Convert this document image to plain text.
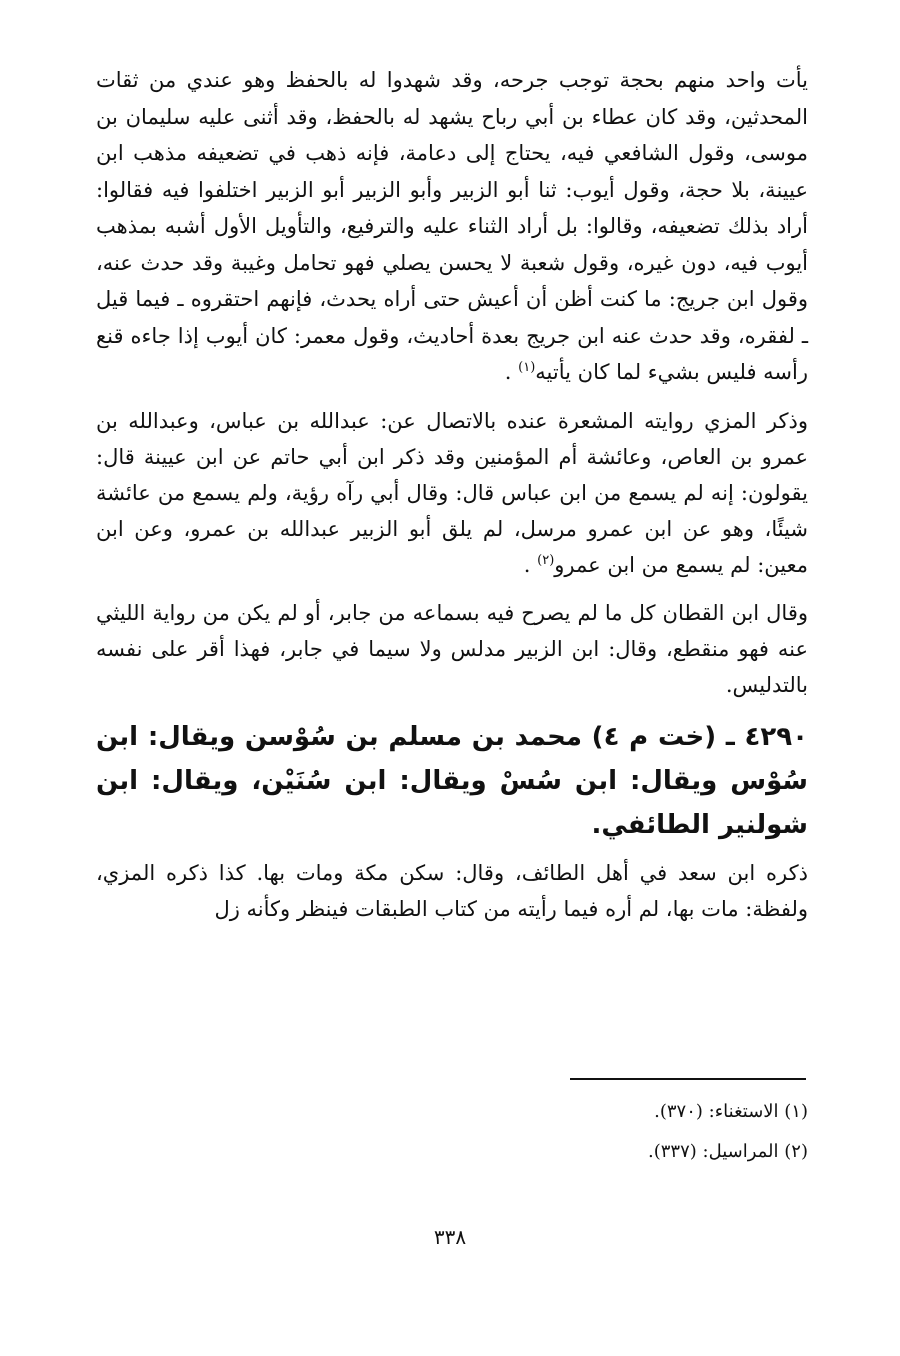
يأت واحد منهم بحجة توجب جرحه، وقد شهدوا له بالحفظ وهو عندي من ثقات المحدثين، وقد كان عطاء بن أبي رباح يشهد له بالحفظ، وقد أثنى عليه سليمان بن موسى، وقول الشافعي فيه، يحتاج إلى دعامة، فإنه ذهب في تضعيفه مذهب ابن عيينة، بلا حجة، وقول أيوب: ثنا أبو الزبير وأبو الزبير أبو الزبير اختلفوا فيه فقالوا: أراد بذلك تضعيفه، وقالوا: بل أراد الثناء عليه والترفيع، والتأويل الأول أشبه بمذهب أيوب فيه، دون غيره، وقول شعبة لا يحسن يصلي فهو تحامل وغيبة وقد حدث عنه، وقول ابن جريج: ما كنت أظن أن أعيش حتى أراه يحدث، فإنهم احتقروه ـ فيما قيل ـ لفقره، وقد حدث عنه ابن جريج بعدة أحاديث، وقول معمر: كان أيوب إذا جاءه قنع رأسه فليس بشيء لما كان يأتيه$^{(١)}$ .

وذكر المزي روايته المشعرة عنده بالاتصال عن: عبدالله بن عباس، وعبدالله بن عمرو بن العاص، وعائشة أم المؤمنين وقد ذكر ابن أبي حاتم عن ابن عيينة قال: يقولون: إنه لم يسمع من ابن عباس قال: وقال أبي رآه رؤية، ولم يسمع من عائشة شيئًا، وهو عن ابن عمرو مرسل، لم يلق أبو الزبير عبدالله بن عمرو، وعن ابن معين: لم يسمع من ابن عمرو$^{(٢)}$ .

وقال ابن القطان كل ما لم يصرح فيه بسماعه من جابر، أو لم يكن من رواية الليثي عنه فهو منقطع، وقال: ابن الزبير مدلس ولا سيما في جابر، فهذا أقر على نفسه بالتدليس.

٤٢٩٠ ـ (خت م ٤) محمد بن مسلم بن سُوْسن ويقال: ابن سُوْس ويقال: ابن سُسْ ويقال: ابن سُنَيْن، ويقال: ابن شولنير الطائفي.

ذكره ابن سعد في أهل الطائف، وقال: سكن مكة ومات بها. كذا ذكره المزي، ولفظة: مات بها، لم أره فيما رأيته من كتاب الطبقات فينظر وكأنه زل

(١) الاستغناء: (٣٧٠).

(٢) المراسيل: (٣٣٧).

٣٣٨
